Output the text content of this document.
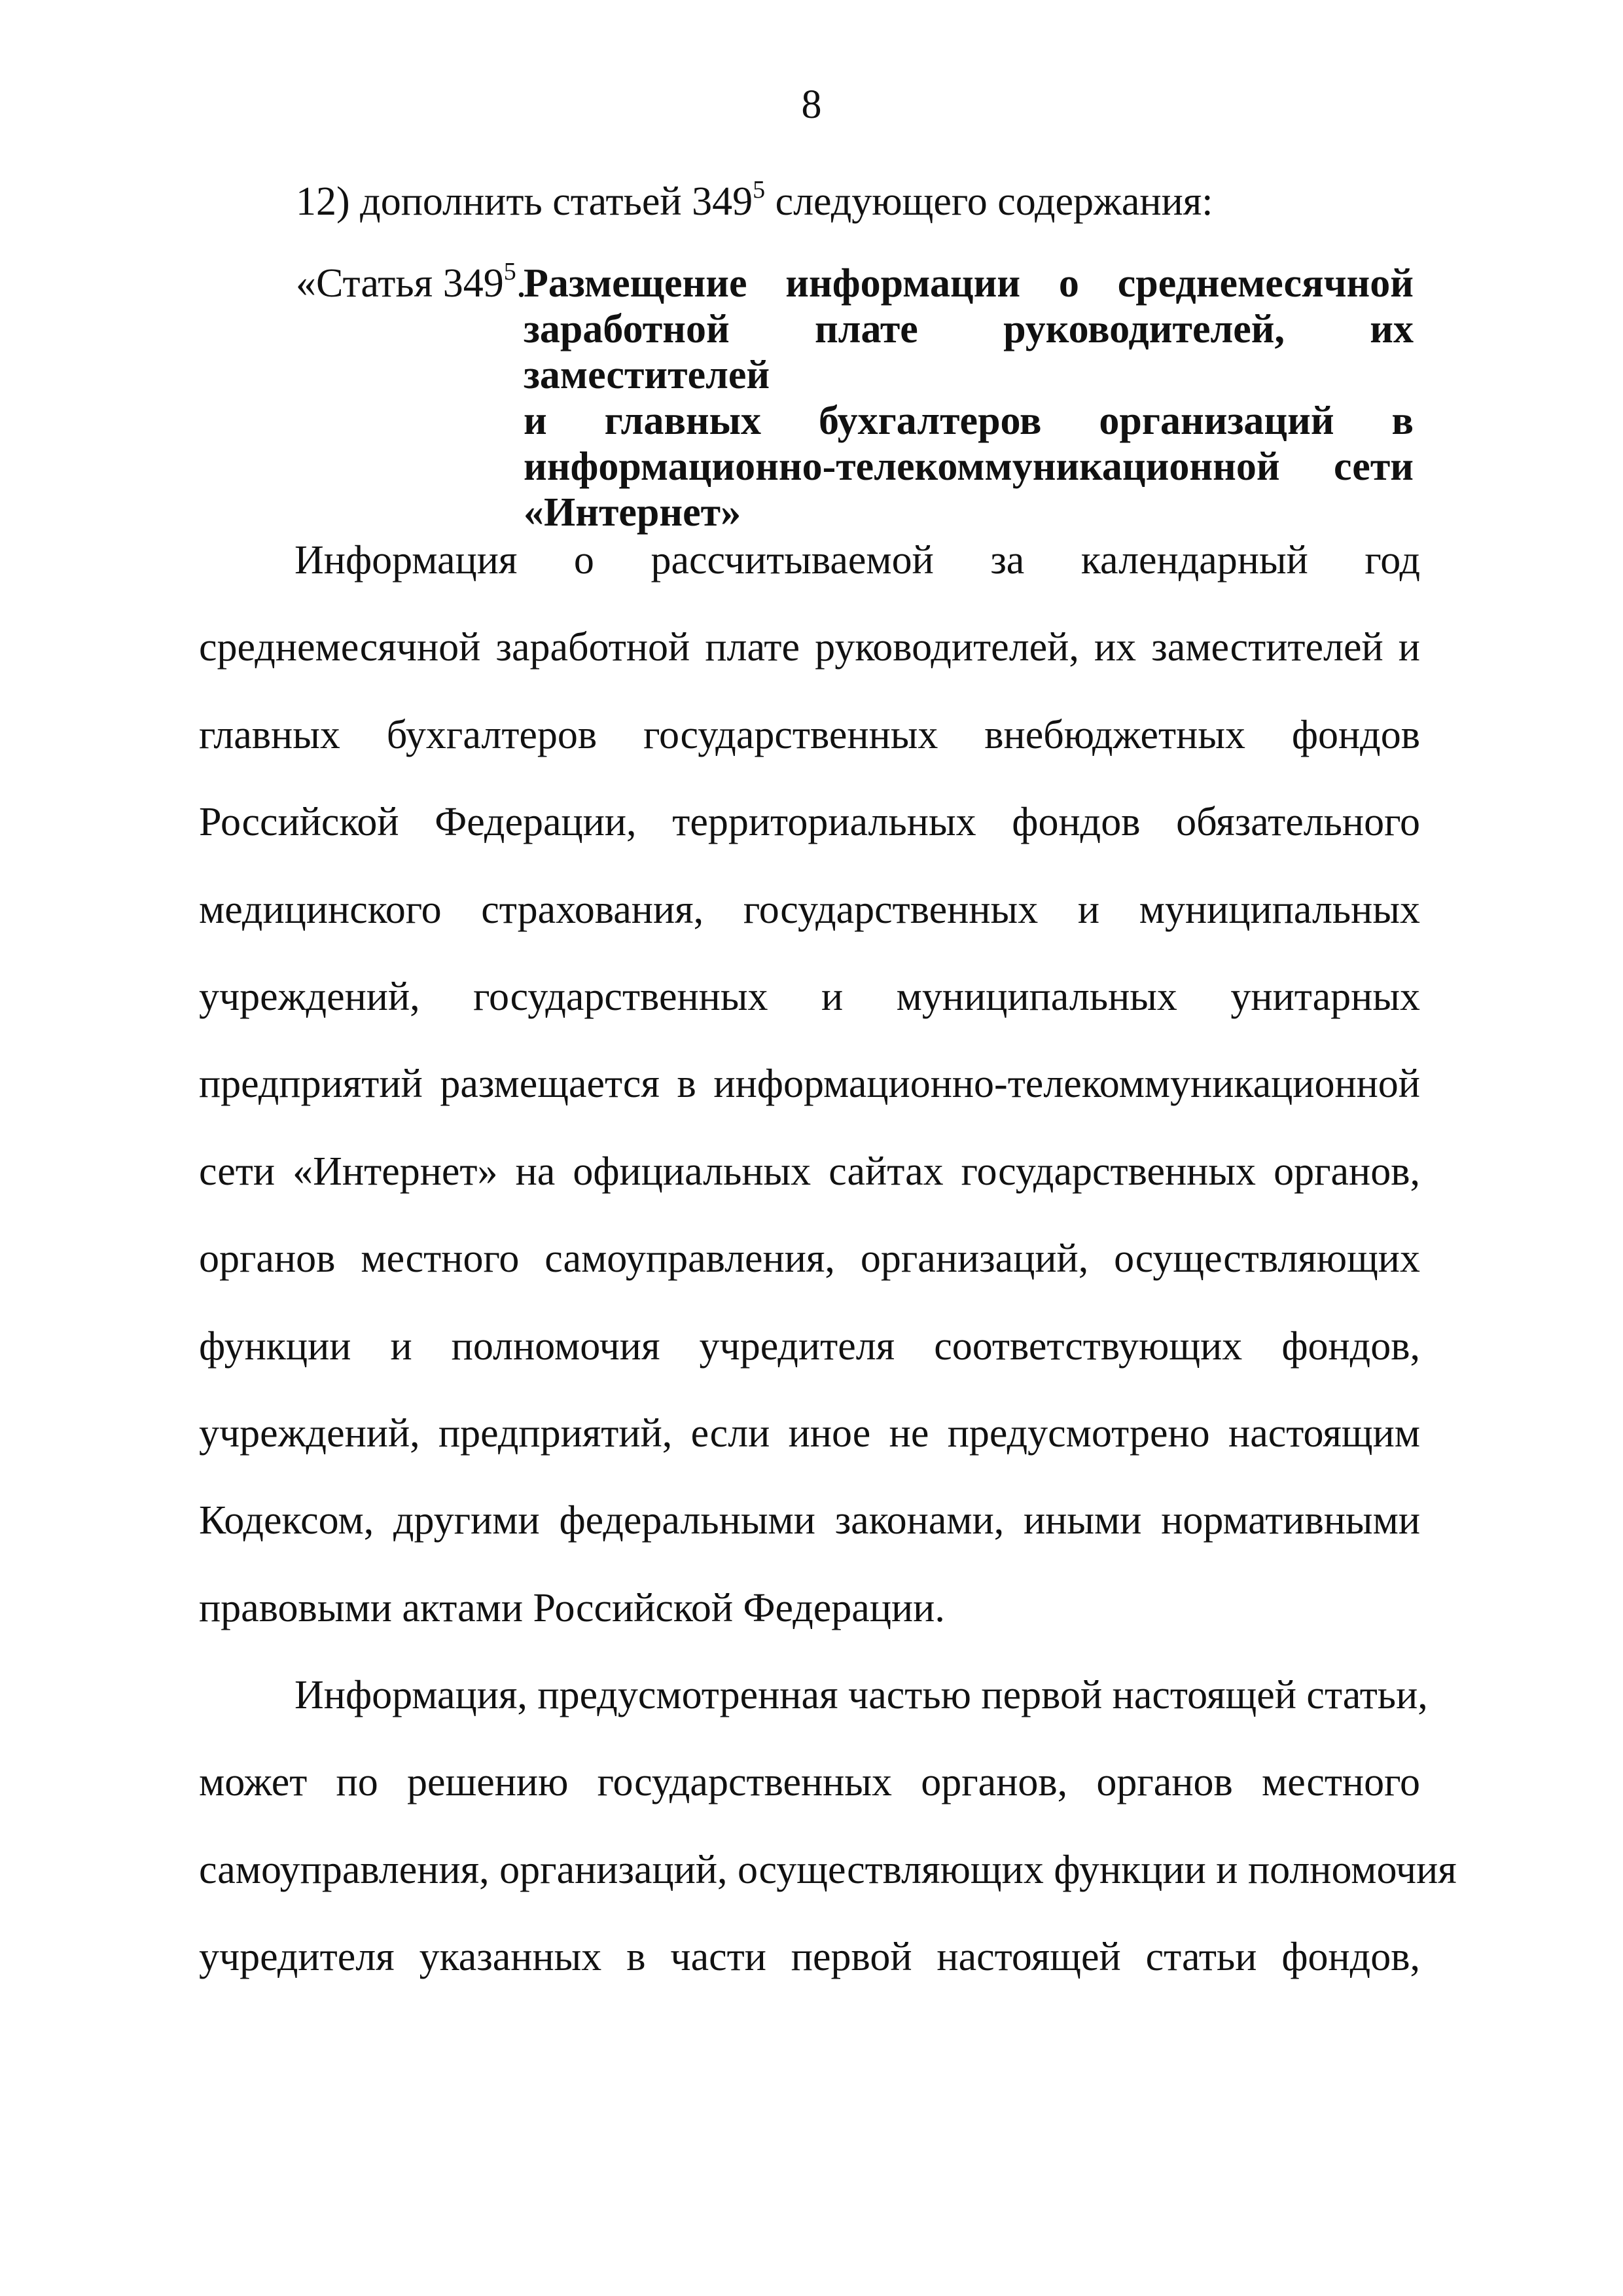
8
12) дополнить статьей $349^5$ следующего содержания:
«Статья $349^5$.
Размещение информации о среднемесячной
заработной плате руководителей, их заместителей
и главных бухгалтеров организаций в
информационно-телекоммуникационной сети
«Интернет»
Информация о рассчитываемой за календарный год
среднемесячной заработной плате руководителей, их заместителей и
главных бухгалтеров государственных внебюджетных фондов
Российской Федерации, территориальных фондов обязательного
медицинского страхования, государственных и муниципальных
учреждений, государственных и муниципальных унитарных
предприятий размещается в информационно-телекоммуникационной
сети «Интернет» на официальных сайтах государственных органов,
органов местного самоуправления, организаций, осуществляющих
функции и полномочия учредителя соответствующих фондов,
учреждений, предприятий, если иное не предусмотрено настоящим
Кодексом, другими федеральными законами, иными нормативными
правовыми актами Российской Федерации.
Информация, предусмотренная частью первой настоящей статьи,
может по решению государственных органов, органов местного
самоуправления, организаций, осуществляющих функции и полномочия
учредителя указанных в части первой настоящей статьи фондов,
